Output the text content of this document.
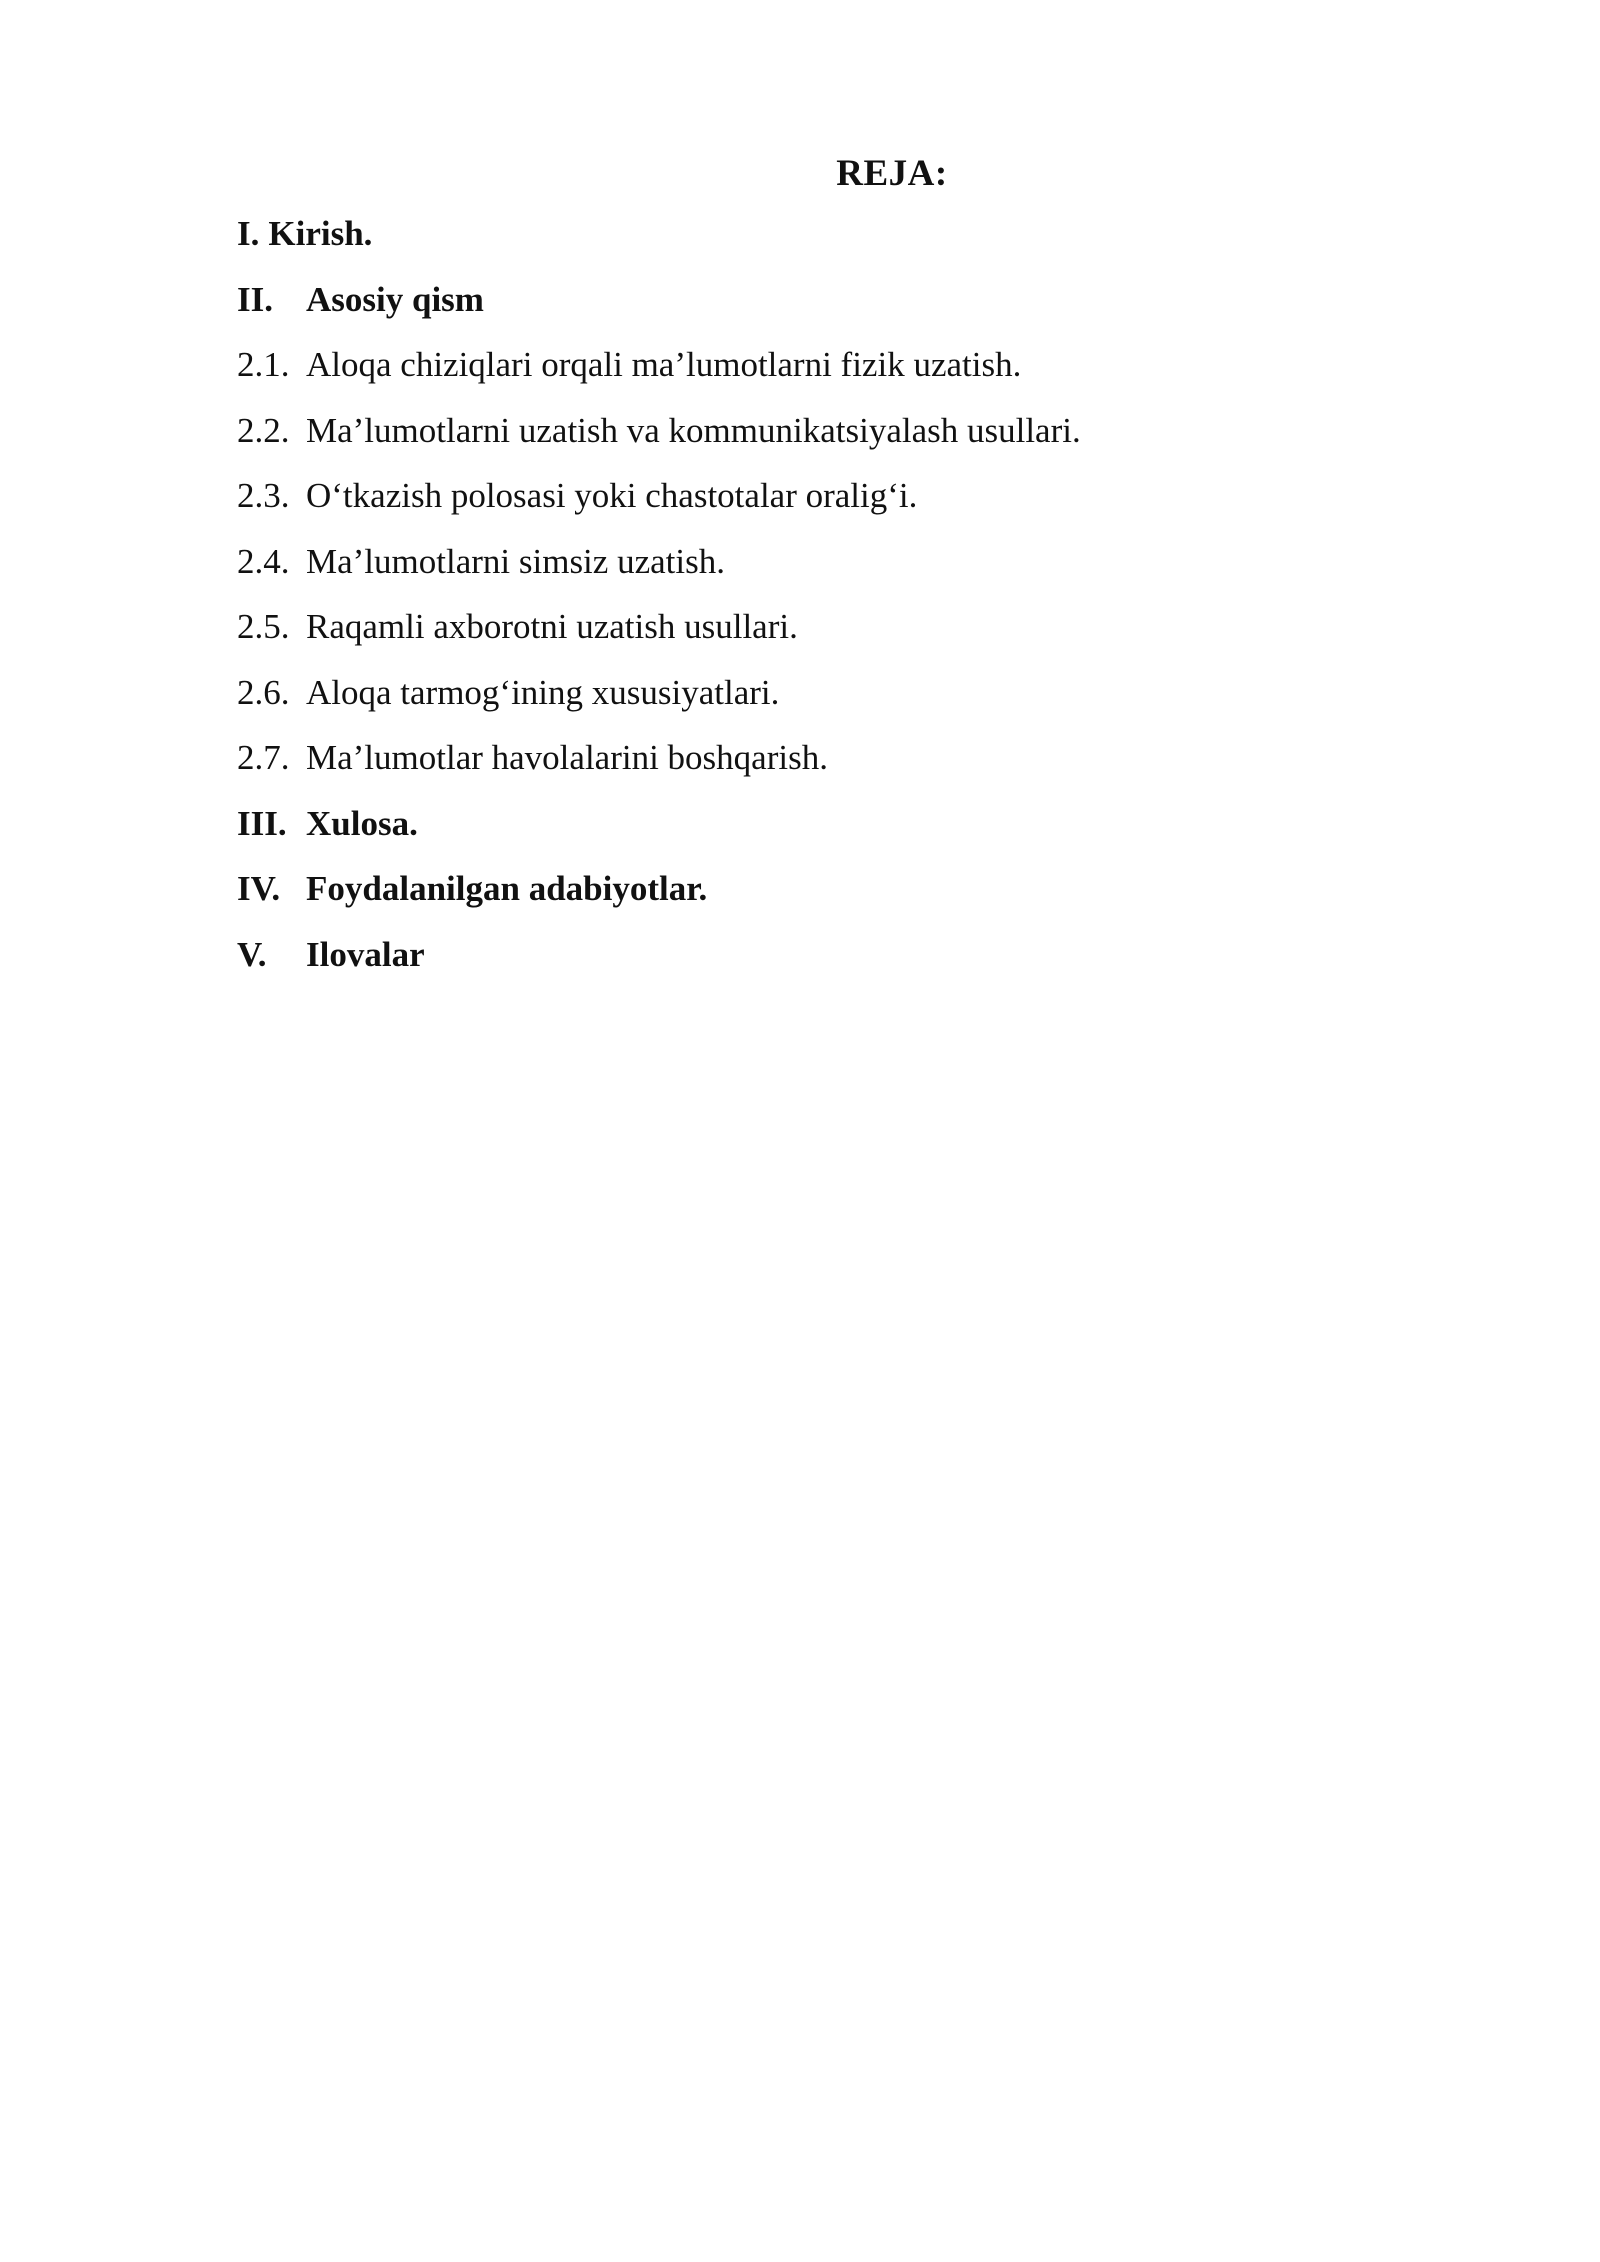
REJA:
I. Kirish.
II. Asosiy qism
2.1. Aloqa chiziqlari orqali ma’lumotlarni fizik uzatish.
2.2. Ma’lumotlarni uzatish va kommunikatsiyalash usullari.
2.3. O‘tkazish polosasi yoki chastotalar oralig‘i.
2.4. Ma’lumotlarni simsiz uzatish.
2.5. Raqamli axborotni uzatish usullari.
2.6. Aloqa tarmog‘ining xususiyatlari.
2.7. Ma’lumotlar havolalarini boshqarish.
III. Xulosa.
IV. Foydalanilgan adabiyotlar.
V.	Ilovalar
